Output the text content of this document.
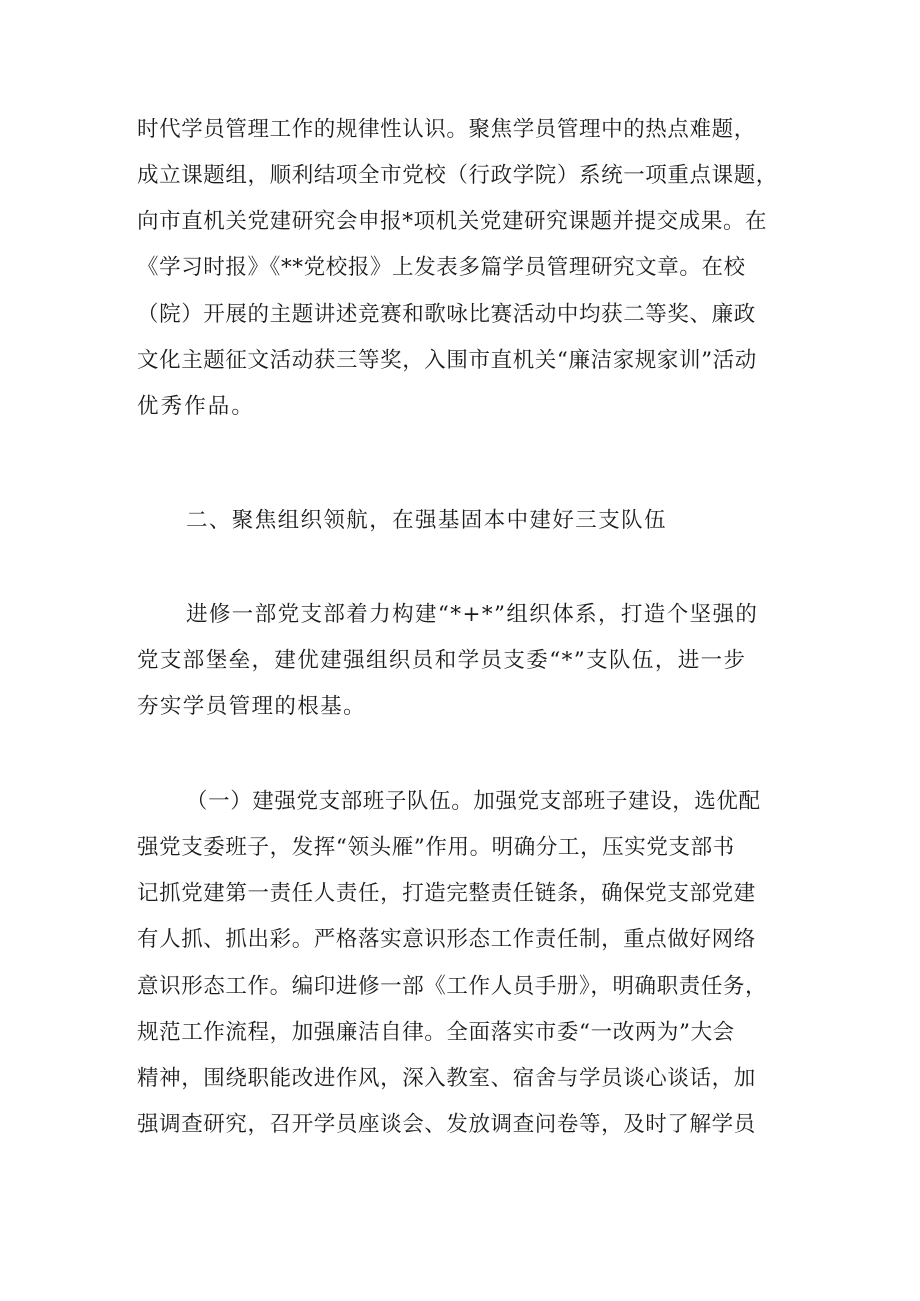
时代学员管理工作的规律性认识。聚焦学员管理中的热点难题，
成立课题组，顺利结项全市党校（行政学院）系统一项重点课题，
向市直机关党建研究会申报*项机关党建研究课题并提交成果。在
《学习时报》《**党校报》上发表多篇学员管理研究文章。在校
（院）开展的主题讲述竞赛和歌咏比赛活动中均获二等奖、廉政
文化主题征文活动获三等奖，入围市直机关“廉洁家规家训”活动
优秀作品。
二、聚焦组织领航，在强基固本中建好三支队伍
进修一部党支部着力构建“*+*”组织体系，打造个坚强的
党支部堡垒，建优建强组织员和学员支委“*”支队伍，进一步
夯实学员管理的根基。
（一）建强党支部班子队伍。加强党支部班子建设，选优配
强党支委班子，发挥“领头雁”作用。明确分工，压实党支部书
记抓党建第一责任人责任，打造完整责任链条，确保党支部党建
有人抓、抓出彩。严格落实意识形态工作责任制，重点做好网络
意识形态工作。编印进修一部《工作人员手册》，明确职责任务，
规范工作流程，加强廉洁自律。全面落实市委“一改两为”大会
精神，围绕职能改进作风，深入教室、宿舍与学员谈心谈话，加
强调查研究，召开学员座谈会、发放调查问卷等，及时了解学员
